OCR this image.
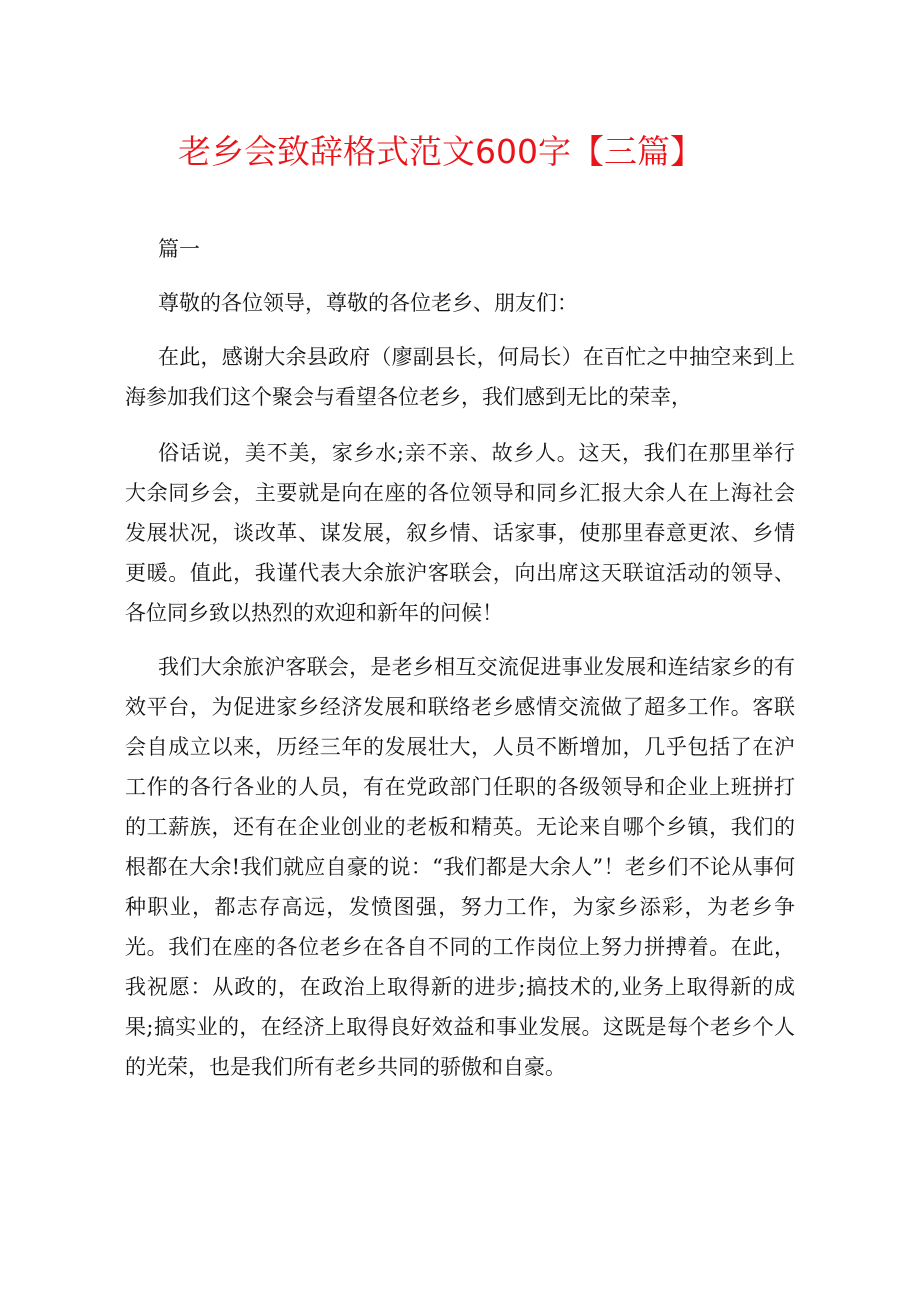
老乡会致辞格式范文600字【三篇】

篇一

尊敬的各位领导，尊敬的各位老乡、朋友们：

在此，感谢大余县政府（廖副县长，何局长）在百忙之中抽空来到上海参加我们这个聚会与看望各位老乡，我们感到无比的荣幸，

俗话说，美不美，家乡水;亲不亲、故乡人。这天，我们在那里举行大余同乡会，主要就是向在座的各位领导和同乡汇报大余人在上海社会发展状况，谈改革、谋发展，叙乡情、话家事，使那里春意更浓、乡情更暖。值此，我谨代表大余旅沪客联会，向出席这天联谊活动的领导、各位同乡致以热烈的欢迎和新年的问候！

我们大余旅沪客联会，是老乡相互交流促进事业发展和连结家乡的有效平台，为促进家乡经济发展和联络老乡感情交流做了超多工作。客联会自成立以来，历经三年的发展壮大，人员不断增加，几乎包括了在沪工作的各行各业的人员，有在党政部门任职的各级领导和企业上班拼打的工薪族，还有在企业创业的老板和精英。无论来自哪个乡镇，我们的根都在大余!我们就应自豪的说：“我们都是大余人”！老乡们不论从事何种职业，都志存高远，发愤图强，努力工作，为家乡添彩，为老乡争光。我们在座的各位老乡在各自不同的工作岗位上努力拼搏着。在此，我祝愿：从政的，在政治上取得新的进步;搞技术的,业务上取得新的成果;搞实业的，在经济上取得良好效益和事业发展。这既是每个老乡个人的光荣，也是我们所有老乡共同的骄傲和自豪。
